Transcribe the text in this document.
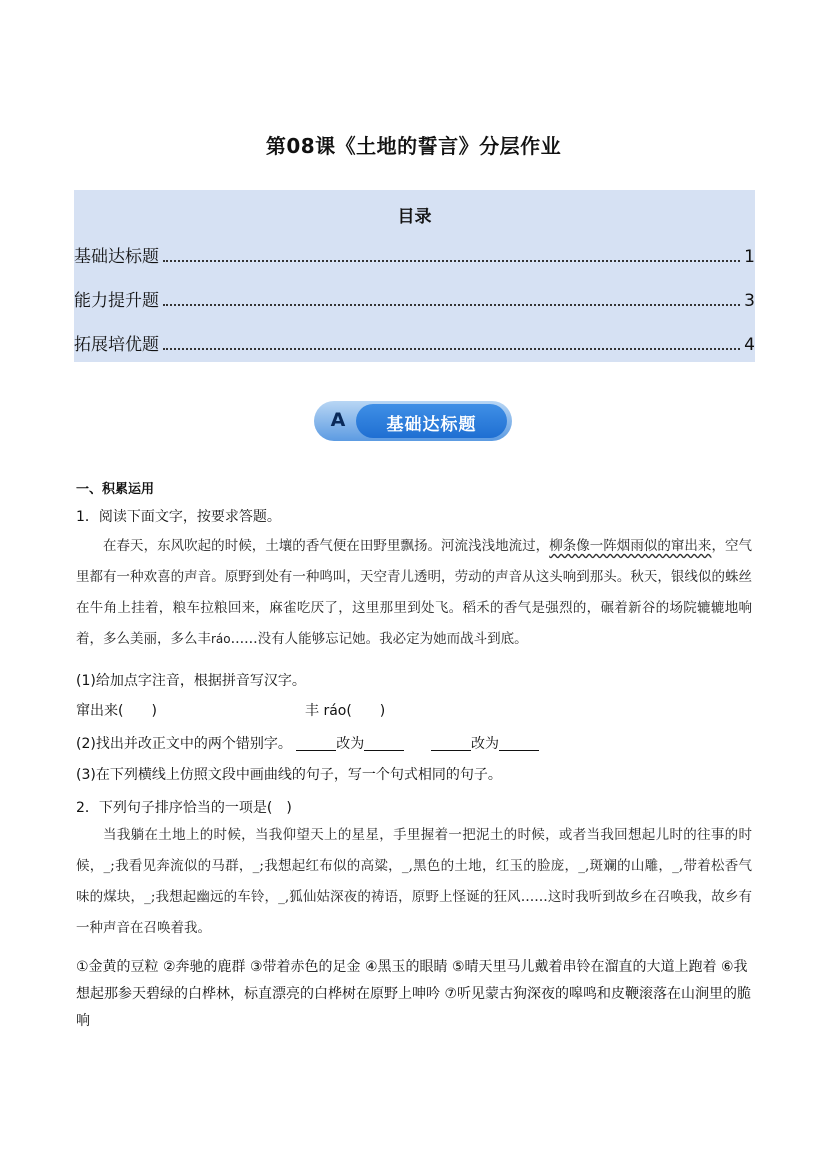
第08课《土地的誓言》分层作业
目录
基础达标题	1
能力提升题	3
拓展培优题	4
A	基础达标题
一、积累运用
1．阅读下面文字，按要求答题。
在春天，东风吹起的时候，土壤的香气便在田野里飘扬。河流浅浅地流过，柳条像一阵烟雨似的窜出来，空气里都有一种欢喜的声音。原野到处有一种鸣叫，天空青儿透明，劳动的声音从这头响到那头。秋天，银线似的蛛丝在牛角上挂着，粮车拉粮回来，麻雀吃厌了，这里那里到处飞。稻禾的香气是强烈的，碾着新谷的场院辘辘地响着，多么美丽，多么丰ráo……没有人能够忘记她。我必定为她而战斗到底。
(1)给加点字注音，根据拼音写汉字。
窜出来(　　)	丰 ráo(　　)
(2)找出并改正文中的两个错别字。	改为	改为
(3)在下列横线上仿照文段中画曲线的句子，写一个句式相同的句子。
2．下列句子排序恰当的一项是(　)
当我躺在土地上的时候，当我仰望天上的星星，手里握着一把泥土的时候，或者当我回想起儿时的往事的时候，_;我看见奔流似的马群，_;我想起红布似的高粱，_,黑色的土地，红玉的脸庞，_,斑斓的山雕，_,带着松香气味的煤块，_;我想起幽远的车铃，_,狐仙姑深夜的祷语，原野上怪诞的狂风……这时我听到故乡在召唤我，故乡有一种声音在召唤着我。
①金黄的豆粒 ②奔驰的鹿群 ③带着赤色的足金 ④黑玉的眼睛 ⑤晴天里马儿戴着串铃在溜直的大道上跑着 ⑥我想起那参天碧绿的白桦林，标直漂亮的白桦树在原野上呻吟 ⑦听见蒙古狗深夜的嗥鸣和皮鞭滚落在山涧里的脆响
